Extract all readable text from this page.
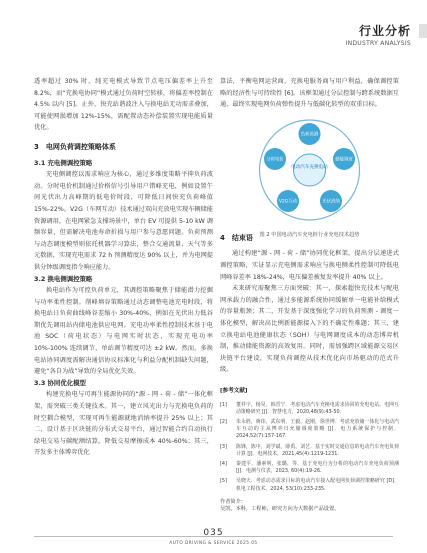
行业分析
INDUSTRY ANALYSIS

透率超过 30% 时，纯充电模式导致节点电压偏差率上升至 8.2%，而“充换电协同”模式通过负荷时空转移，将偏差率控制在 4.5% 以内 [5]。止外，快充站谐波注入与换电站无功需求叠加，可能使网损增加 12%-15%，需配置动态补偿装置实现电能质量优化。

3　电网负荷调控策略体系
3.1 充电侧调控策略

充电侧调控以需求响应为核心，通过多维度策略平抑负荷波动。分时电价机制通过价格信号引导用户错峰充电，例如设置午间光伏出力高峰期的低电价时段，可降低日间快充负荷峰值 15%-22%。V2G（车网互动）技术通过双向充放电实现车辆储能资源调用，在电网紧急支撑场景中，单台 EV 可提供 5-10 kW 调频容量，但需解决电池寿命折损与用户参与意愿问题。负荷预测与动态调度模型则依托机器学习算法，整合交通流量、天气等多元数据，实现充电需求 72 h 预测精度达 90% 以上，并为电网提供分钟级调度指令响应能力。

3.2 换电侧调控策略

换电站作为可控负荷单元，其调控策略聚焦于储能潜力挖掘与功率柔性控制。削峰填谷策略通过动态调整电池充电时段，将换电站日负荷曲线峰谷差缩小 30%-40%，例如在光伏出力低谷期优先调用站内储电池供应电网。充电功率柔性控制技术基于电池 SOC（荷电状态）与电网实时状态，实现充电功率 10%-100% 连续调节，单站调节精度可达 ±2 kW。然而，多换电站协同调度需解决通信协议标准化与利益分配机制缺失问题，避免“各自为战”导致的全局优化失效。

3.3 协同优化模型

构建充换电与可再生能源协同的“源 - 网 - 荷 - 储”一体化框架，需突破三类关键技术。其一，建立风光出力与充换电负荷的时空耦合模型，实现可再生能源就地消纳率提升 25% 以上；其二，设计基于区块链的分布式交易平台，通过智能合约自动执行绿电交易与碳配额结算，降低交易摩擦成本 40%-60%；其三，开发多主体博弈优化

算法，平衡电网运营商、充换电服务商与用户利益，确保调控策略的经济性与可持续性 [6]。该框架通过分层控制与跨系统数据互通，最终实现电网负荷弹性提升与低碳化转型的双重目标。

电动汽车充换电站
负荷预测
储能调度
光伏消纳
V2G互动
分时电价
图 2 中国电动汽车充电桩行业充电技术趋势
4　结束语

通过构建“源 - 网 - 荷 - 储”协同优化框架，提出分层递进式调控策略，实证显示充电侧需求响应与换电侧柔性控制可降低电网峰谷差率 18%-24%，电压偏差被复发率提升 40% 以上。

未来研究需聚焦三方面突破：其一，探索超快充技术与配电网承载力的融合性，通过多能源系统协同缓解单一电能补给模式的容量瓶颈；其二，开发基于深度强化学习的负荷预测 - 调度一体化模型，解决高比例新能源接入下的不确定性难题；其三，建立换电站电池健康状态（SOH）与电网调度成本的动态博弈机制，推动储能资源的高效复用。同时，需加强跨区域能源交易区块链平台建设，实现负荷调控从技术优化向市场驱动的范式升级。

[参考文献]
[1]	董祥宇，杨昊，韩晋宁．考虑电动汽车充换电需求协同的充电电站、电网互动策略研究 [J]．智慧电力，2020,48(9):43-50.
[2]	朱永胜，蒋玮，武东明，王毅，赵刚，徐世博．考虑充放储一体化与电动汽车互动的主从博弈日允储调度策略 [J]．电力系统保护与控制，2024,52(7):157-167.
[3]	陈锋，陈中，刘学斌，薛禹，刘艺．基于实时交通信息的电动汽车充电负荷计算 [J]．电网技术，2021,45(4):1219-1231.
[4]	秦建平，潘素明，张璐，等．基于充电行为分析的电动汽车充电负荷预测 [J]．电测与仪表，2023, 60(4):19-26.
[5]	吴晓天．考虑动态需求目标的电动汽车接入配电网负荷调控策略研究 [D]．机电工程技术，2024, 53(10):233-235.
作者简介：
吴凯，本科，工程师，研究方向为大数据产品设置。
035
AUTO DRIVING & SERVICE 2025.05
